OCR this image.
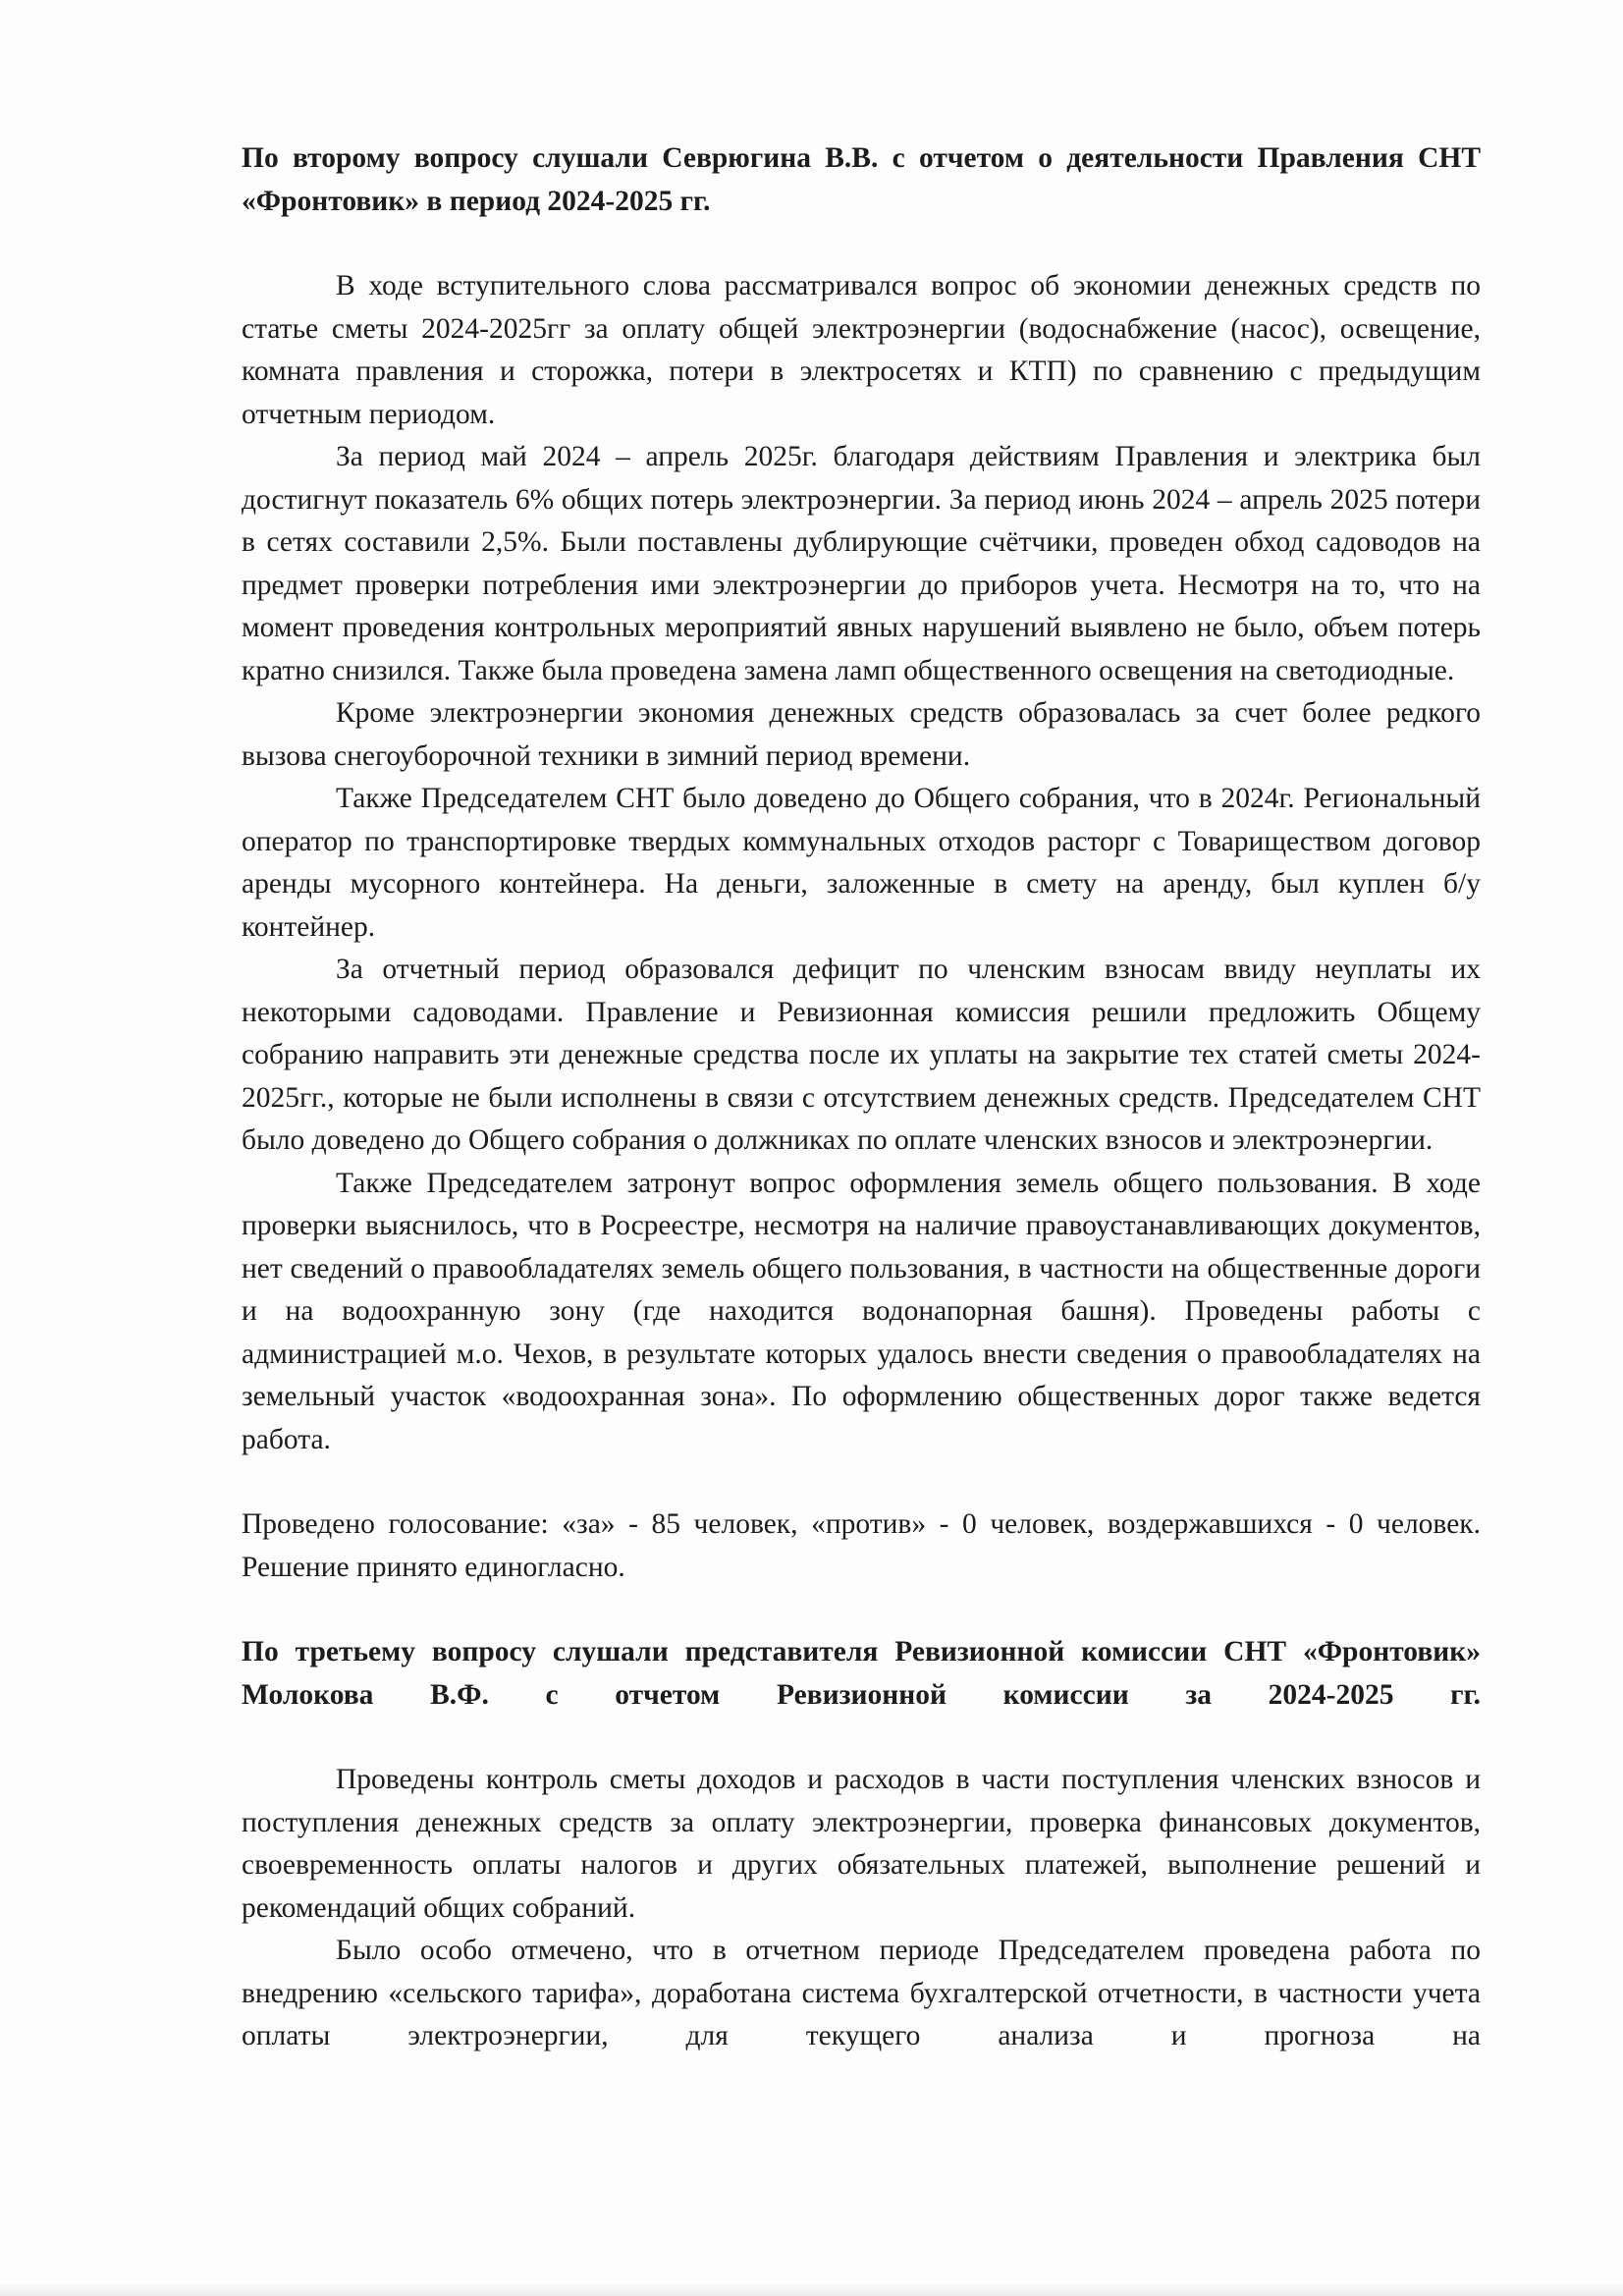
По второму вопросу слушали Севрюгина В.В. с отчетом о деятельности Правления СНТ «Фронтовик» в период 2024-2025 гг.

В ходе вступительного слова рассматривался вопрос об экономии денежных средств по статье сметы 2024-2025гг за оплату общей электроэнергии (водоснабжение (насос), освещение, комната правления и сторожка, потери в электросетях и КТП) по сравнению с предыдущим отчетным периодом.

За период май 2024 – апрель 2025г. благодаря действиям Правления и электрика был достигнут показатель 6% общих потерь электроэнергии. За период июнь 2024 – апрель 2025 потери в сетях составили 2,5%. Были поставлены дублирующие счётчики, проведен обход садоводов на предмет проверки потребления ими электроэнергии до приборов учета. Несмотря на то, что на момент проведения контрольных мероприятий явных нарушений выявлено не было, объем потерь кратно снизился. Также была проведена замена ламп общественного освещения на светодиодные.

Кроме электроэнергии экономия денежных средств образовалась за счет более редкого вызова снегоуборочной техники в зимний период времени.

Также Председателем СНТ было доведено до Общего собрания, что в 2024г. Региональный оператор по транспортировке твердых коммунальных отходов расторг с Товариществом договор аренды мусорного контейнера. На деньги, заложенные в смету на аренду, был куплен б/у контейнер.

За отчетный период образовался дефицит по членским взносам ввиду неуплаты их некоторыми садоводами. Правление и Ревизионная комиссия решили предложить Общему собранию направить эти денежные средства после их уплаты на закрытие тех статей сметы 2024-2025гг., которые не были исполнены в связи с отсутствием денежных средств. Председателем СНТ было доведено до Общего собрания о должниках по оплате членских взносов и электроэнергии.

Также Председателем затронут вопрос оформления земель общего пользования. В ходе проверки выяснилось, что в Росреестре, несмотря на наличие правоустанавливающих документов, нет сведений о правообладателях земель общего пользования, в частности на общественные дороги и на водоохранную зону (где находится водонапорная башня). Проведены работы с администрацией м.о. Чехов, в результате которых удалось внести сведения о правообладателях на земельный участок «водоохранная зона». По оформлению общественных дорог также ведется работа.

Проведено голосование: «за» - 85 человек, «против» - 0 человек, воздержавшихся - 0 человек. Решение принято единогласно.

По третьему вопросу слушали представителя Ревизионной комиссии СНТ «Фронтовик» Молокова В.Ф. с отчетом Ревизионной комиссии за 2024-2025 гг.

Проведены контроль сметы доходов и расходов в части поступления членских взносов и поступления денежных средств за оплату электроэнергии, проверка финансовых документов, своевременность оплаты налогов и других обязательных платежей, выполнение решений и рекомендаций общих собраний.

Было особо отмечено, что в отчетном периоде Председателем проведена работа по внедрению «сельского тарифа», доработана система бухгалтерской отчетности, в частности учета оплаты электроэнергии, для текущего анализа и прогноза на
